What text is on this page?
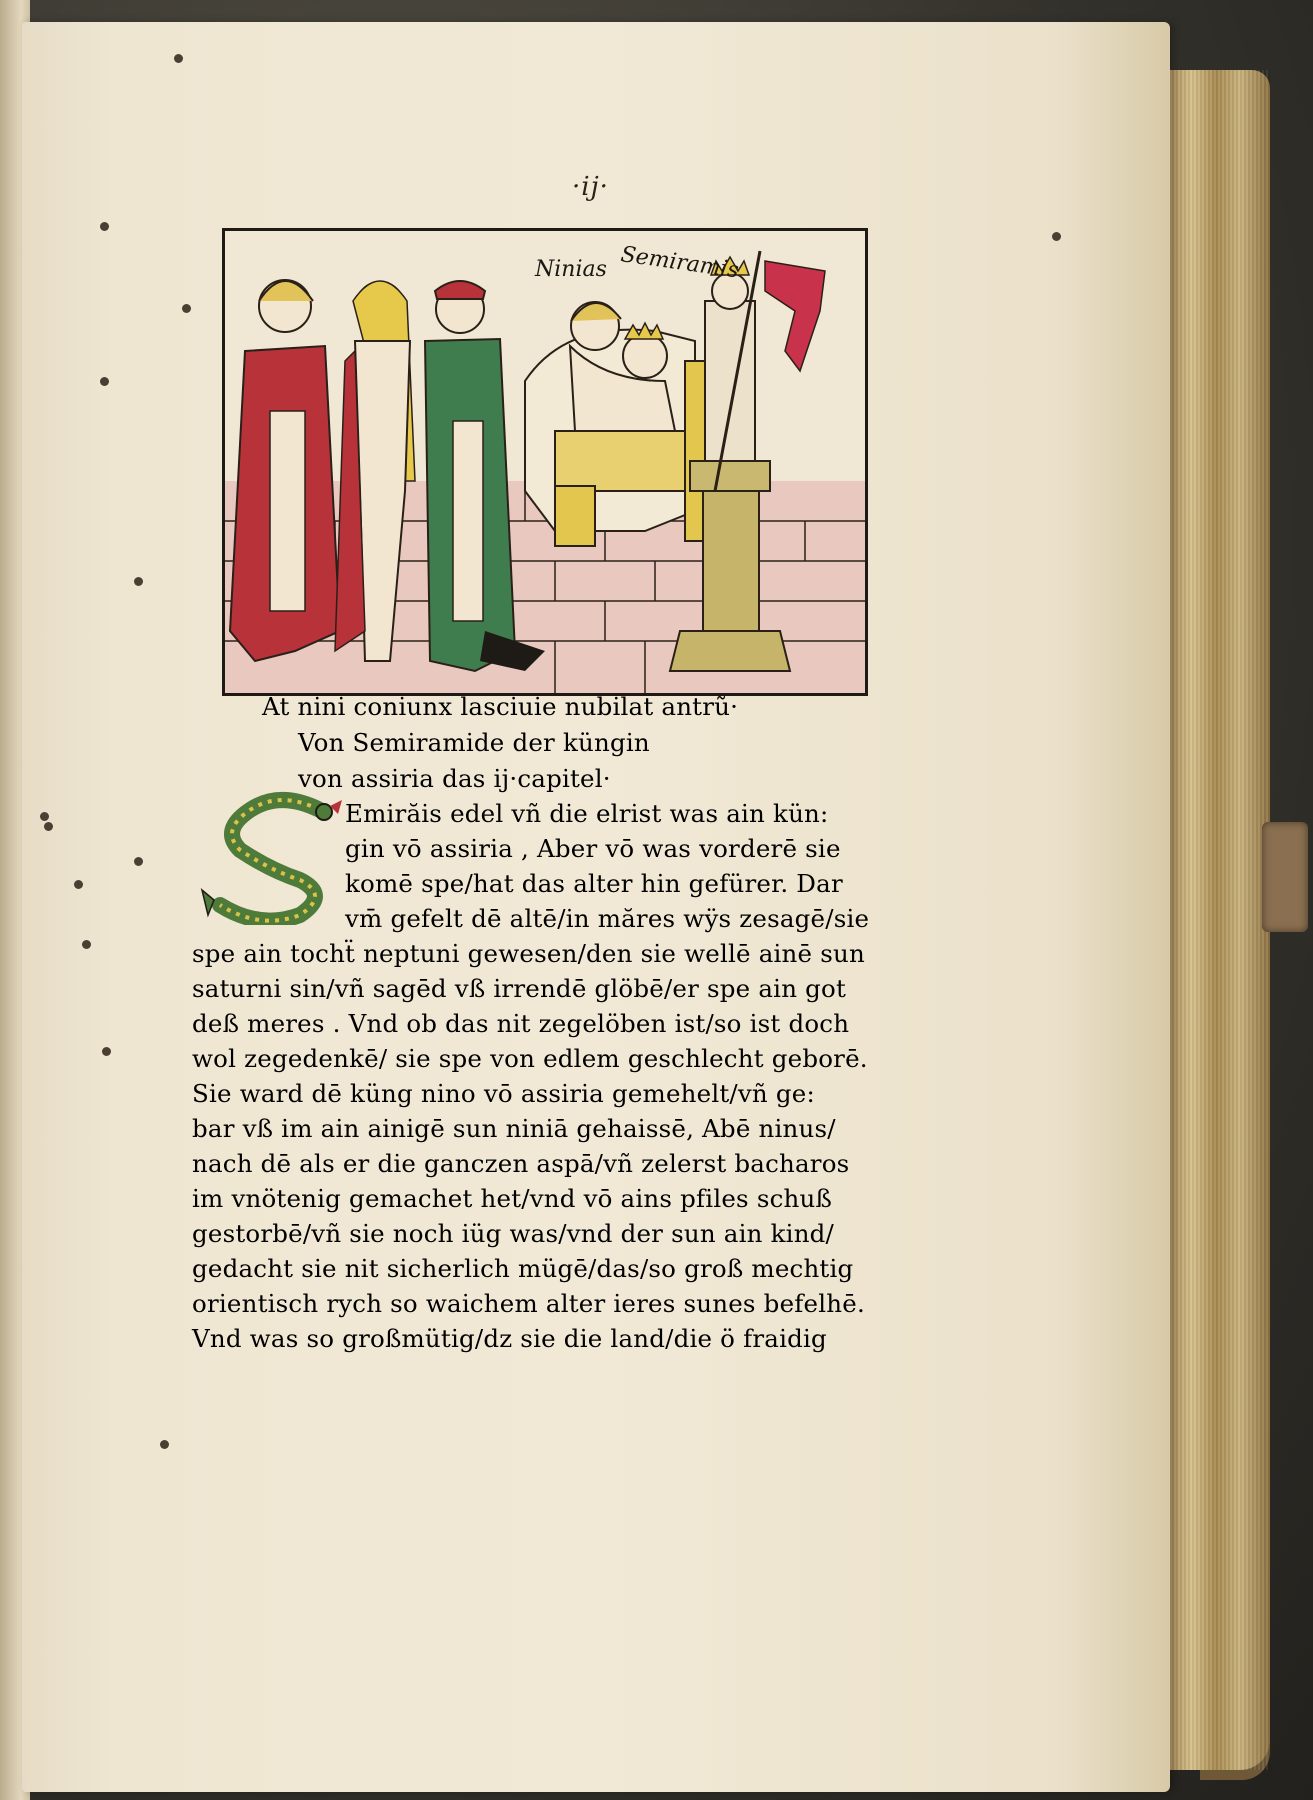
·ij·
Ninias Semiramis
At nini coniunx lasciuie nubilat antrũ·
Von Semiramide der küngin
von assiria das ij·capitel·
Emirăis edel vñ die elrist was ain kün:
gin vō assiria , Aber vō was vorderē sie
komē spe/hat das alter hin gefürer. Dar
vm̄ gefelt dē altē/in măres wÿs zesagē/sie
spe ain tochẗ neptuni gewesen/den sie wellē ainē sun
saturni sin/vñ sagēd vß irrendē glöbē/er spe ain got
deß meres . Vnd ob das nit zegelöben ist/so ist doch
wol zegedenkē/ sie spe von edlem geschlecht geborē.
Sie ward dē küng nino vō assiria gemehelt/vñ ge:
bar vß im ain ainigē sun niniā gehaissē, Abē ninus/
nach dē als er die ganczen aspā/vñ zelerst bacharos
im vnötenig gemachet het/vnd vō ains pfiles schuß
gestorbē/vñ sie noch iüg was/vnd der sun ain kind/
gedacht sie nit sicherlich mügē/das/so groß mechtig
orientisch rych so waichem alter ieres sunes befelhē.
Vnd was so großmütig/dz sie die land/die ö fraidig
